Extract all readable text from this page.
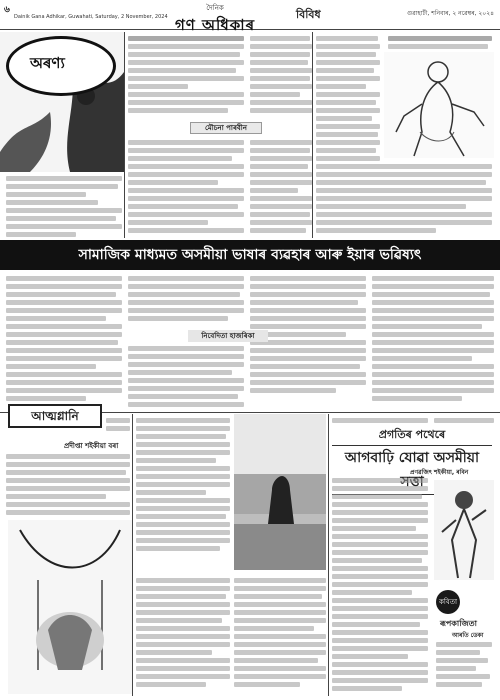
৬
Dainik Gana Adhikar, Guwahati, Saturday, 2 November, 2024
দৈনিক
গণ অধিকাৰ
বিবিধ	গুৱাহাটী, শনিবাৰ, ২ নৱেম্বৰ, ২০২৪
অৰণ্য
মৌচনা পাৰবীন
সামাজিক মাধ্যমত অসমীয়া ভাষাৰ ব্যৱহাৰ আৰু ইয়াৰ ভৱিষ্যৎ
নিবেদিতা হাজৰিকা
আত্মগ্লানি
প্ৰদীপ্তা শইকীয়া বৰা
প্ৰগতিৰ পথেৰে
আগবাঢ়ি যোৱা অসমীয়া
প্ৰণৱজিৎ শইকীয়া, ৰবিন
কবিতা
ৰূপকাজিতা
আৰতি ডেকা
